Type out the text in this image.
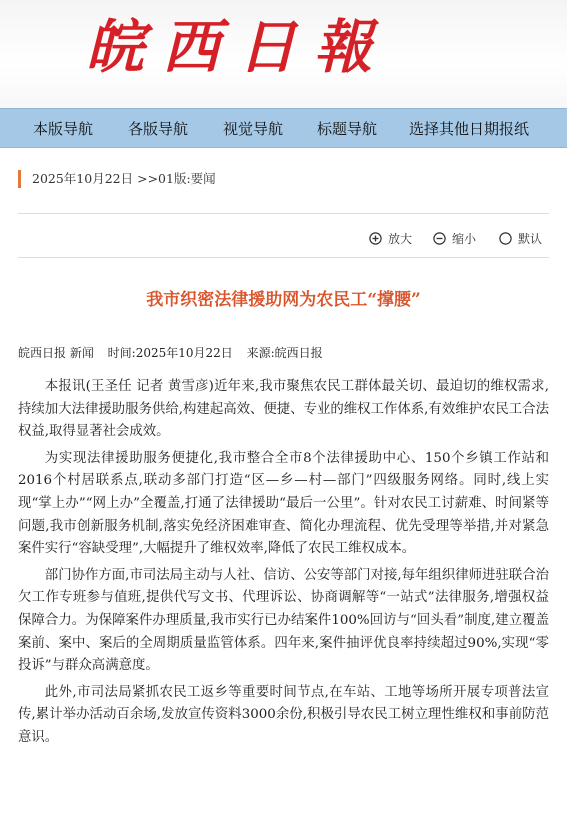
皖西日報
本版导航 各版导航 视觉导航 标题导航 选择其他日期报纸
2025年10月22日 >>01版:要闻
放大	缩小	默认
我市织密法律援助网为农民工“撑腰”
皖西日报 新闻 时间:2025年10月22日 来源:皖西日报

本报讯(王圣任 记者 黄雪彦)近年来,我市聚焦农民工群体最关切、最迫切的维权需求,持续加大法律援助服务供给,构建起高效、便捷、专业的维权工作体系,有效维护农民工合法权益,取得显著社会成效。

为实现法律援助服务便捷化,我市整合全市8个法律援助中心、150个乡镇工作站和2016个村居联系点,联动多部门打造“区—乡—村—部门”四级服务网络。同时,线上实现“掌上办”“网上办”全覆盖,打通了法律援助“最后一公里”。针对农民工讨薪难、时间紧等问题,我市创新服务机制,落实免经济困难审查、简化办理流程、优先受理等举措,并对紧急案件实行“容缺受理”,大幅提升了维权效率,降低了农民工维权成本。

部门协作方面,市司法局主动与人社、信访、公安等部门对接,每年组织律师进驻联合治欠工作专班参与值班,提供代写文书、代理诉讼、协商调解等“一站式”法律服务,增强权益保障合力。为保障案件办理质量,我市实行已办结案件100%回访与“回头看”制度,建立覆盖案前、案中、案后的全周期质量监管体系。四年来,案件抽评优良率持续超过90%,实现“零投诉”与群众高满意度。

此外,市司法局紧抓农民工返乡等重要时间节点,在车站、工地等场所开展专项普法宣传,累计举办活动百余场,发放宣传资料3000余份,积极引导农民工树立理性维权和事前防范意识。
